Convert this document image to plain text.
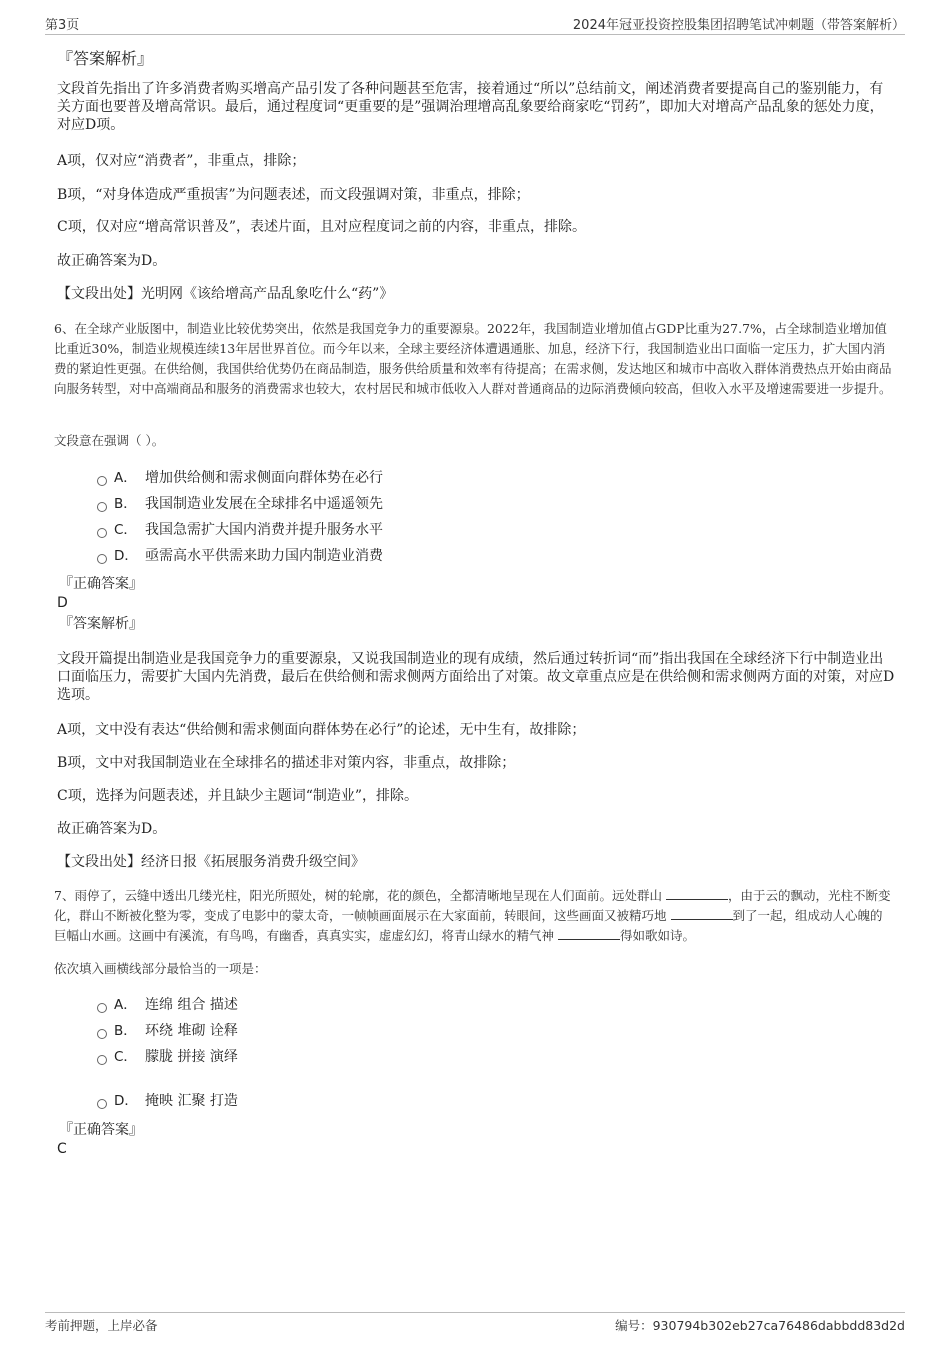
第3页	2024年冠亚投资控股集团招聘笔试冲刺题（带答案解析）
『答案解析』

文段首先指出了许多消费者购买增高产品引发了各种问题甚至危害，接着通过“所以”总结前文，阐述消费者要提高自己的鉴别能力，有关方面也要普及增高常识。最后，通过程度词“更重要的是”强调治理增高乱象要给商家吃“罚药”，即加大对增高产品乱象的惩处力度，对应D项。

A项，仅对应“消费者”，非重点，排除；

B项，“对身体造成严重损害”为问题表述，而文段强调对策，非重点，排除；

C项，仅对应“增高常识普及”，表述片面，且对应程度词之前的内容，非重点，排除。

故正确答案为D。

【文段出处】光明网《该给增高产品乱象吃什么“药”》

6、在全球产业版图中，制造业比较优势突出，依然是我国竞争力的重要源泉。2022年，我国制造业增加值占GDP比重为27.7%，占全球制造业增加值比重近30%，制造业规模连续13年居世界首位。而今年以来，全球主要经济体遭遇通胀、加息，经济下行，我国制造业出口面临一定压力，扩大国内消费的紧迫性更强。在供给侧，我国供给优势仍在商品制造，服务供给质量和效率有待提高；在需求侧，发达地区和城市中高收入群体消费热点开始由商品向服务转型，对中高端商品和服务的消费需求也较大，农村居民和城市低收入人群对普通商品的边际消费倾向较高，但收入水平及增速需要进一步提升。

文段意在强调（ ）。

A． 增加供给侧和需求侧面向群体势在必行
B． 我国制造业发展在全球排名中遥遥领先
C． 我国急需扩大国内消费并提升服务水平
D． 亟需高水平供需来助力国内制造业消费
『正确答案』
D
『答案解析』

文段开篇提出制造业是我国竞争力的重要源泉，又说我国制造业的现有成绩，然后通过转折词“而”指出我国在全球经济下行中制造业出口面临压力，需要扩大国内先消费，最后在供给侧和需求侧两方面给出了对策。故文章重点应是在供给侧和需求侧两方面的对策，对应D选项。

A项，文中没有表达“供给侧和需求侧面向群体势在必行”的论述，无中生有，故排除；

B项，文中对我国制造业在全球排名的描述非对策内容，非重点，故排除；

C项，选择为问题表述，并且缺少主题词“制造业”，排除。

故正确答案为D。

【文段出处】经济日报《拓展服务消费升级空间》

7、雨停了，云缝中透出几缕光柱，阳光所照处，树的轮廓，花的颜色，全都清晰地呈现在人们面前。远处群山	，由于云的飘动，光柱不断变化，群山不断被化整为零，变成了电影中的蒙太奇，一帧帧画面展示在大家面前，转眼间，这些画面又被精巧地	到了一起，组成动人心魄的巨幅山水画。这画中有溪流，有鸟鸣，有幽香，真真实实，虚虚幻幻，将青山绿水的精气神	得如歌如诗。

依次填入画横线部分最恰当的一项是：

A． 连绵 组合 描述
B． 环绕 堆砌 诠释
C． 朦胧 拼接 演绎
D． 掩映 汇聚 打造
『正确答案』
C
考前押题，上岸必备	编号：930794b302eb27ca76486dabbdd83d2d
